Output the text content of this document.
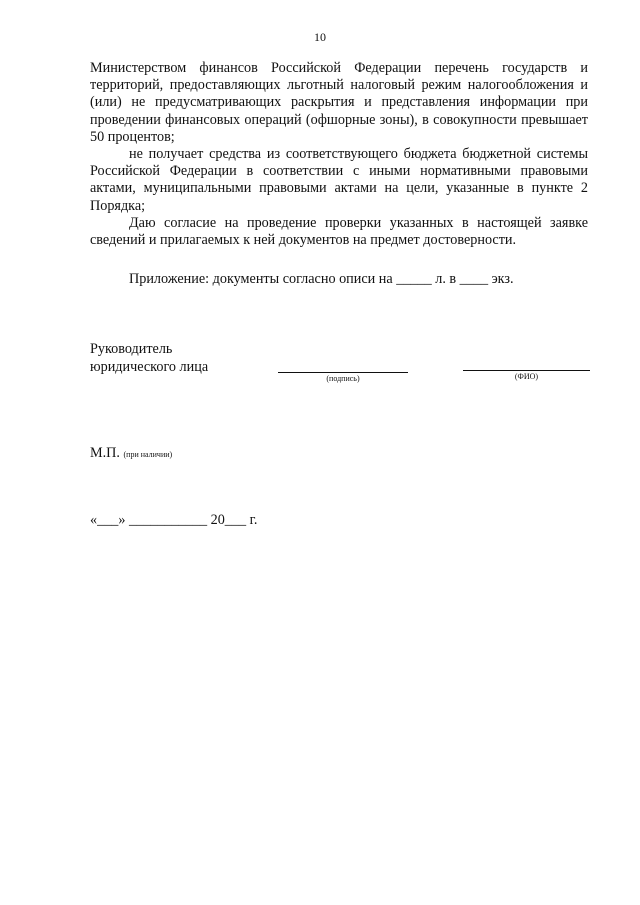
10

Министерством финансов Российской Федерации перечень государств и территорий, предоставляющих льготный налоговый режим налогообложения и (или) не предусматривающих раскрытия и представления информации при проведении финансовых операций (офшорные зоны), в совокупности превышает 50 процентов;

не получает средства из соответствующего бюджета бюджетной системы Российской Федерации в соответствии с иными нормативными правовыми актами, муниципальными правовыми актами на цели, указанные в пункте 2 Порядка;

Даю согласие на проведение проверки указанных в настоящей заявке сведений и прилагаемых к ней документов на предмет достоверности.

Приложение: документы согласно описи на _____ л. в ____ экз.
Руководитель
юридического лица
(подпись)	(ФИО)
М.П. (при наличии)
«___» ___________ 20___ г.
